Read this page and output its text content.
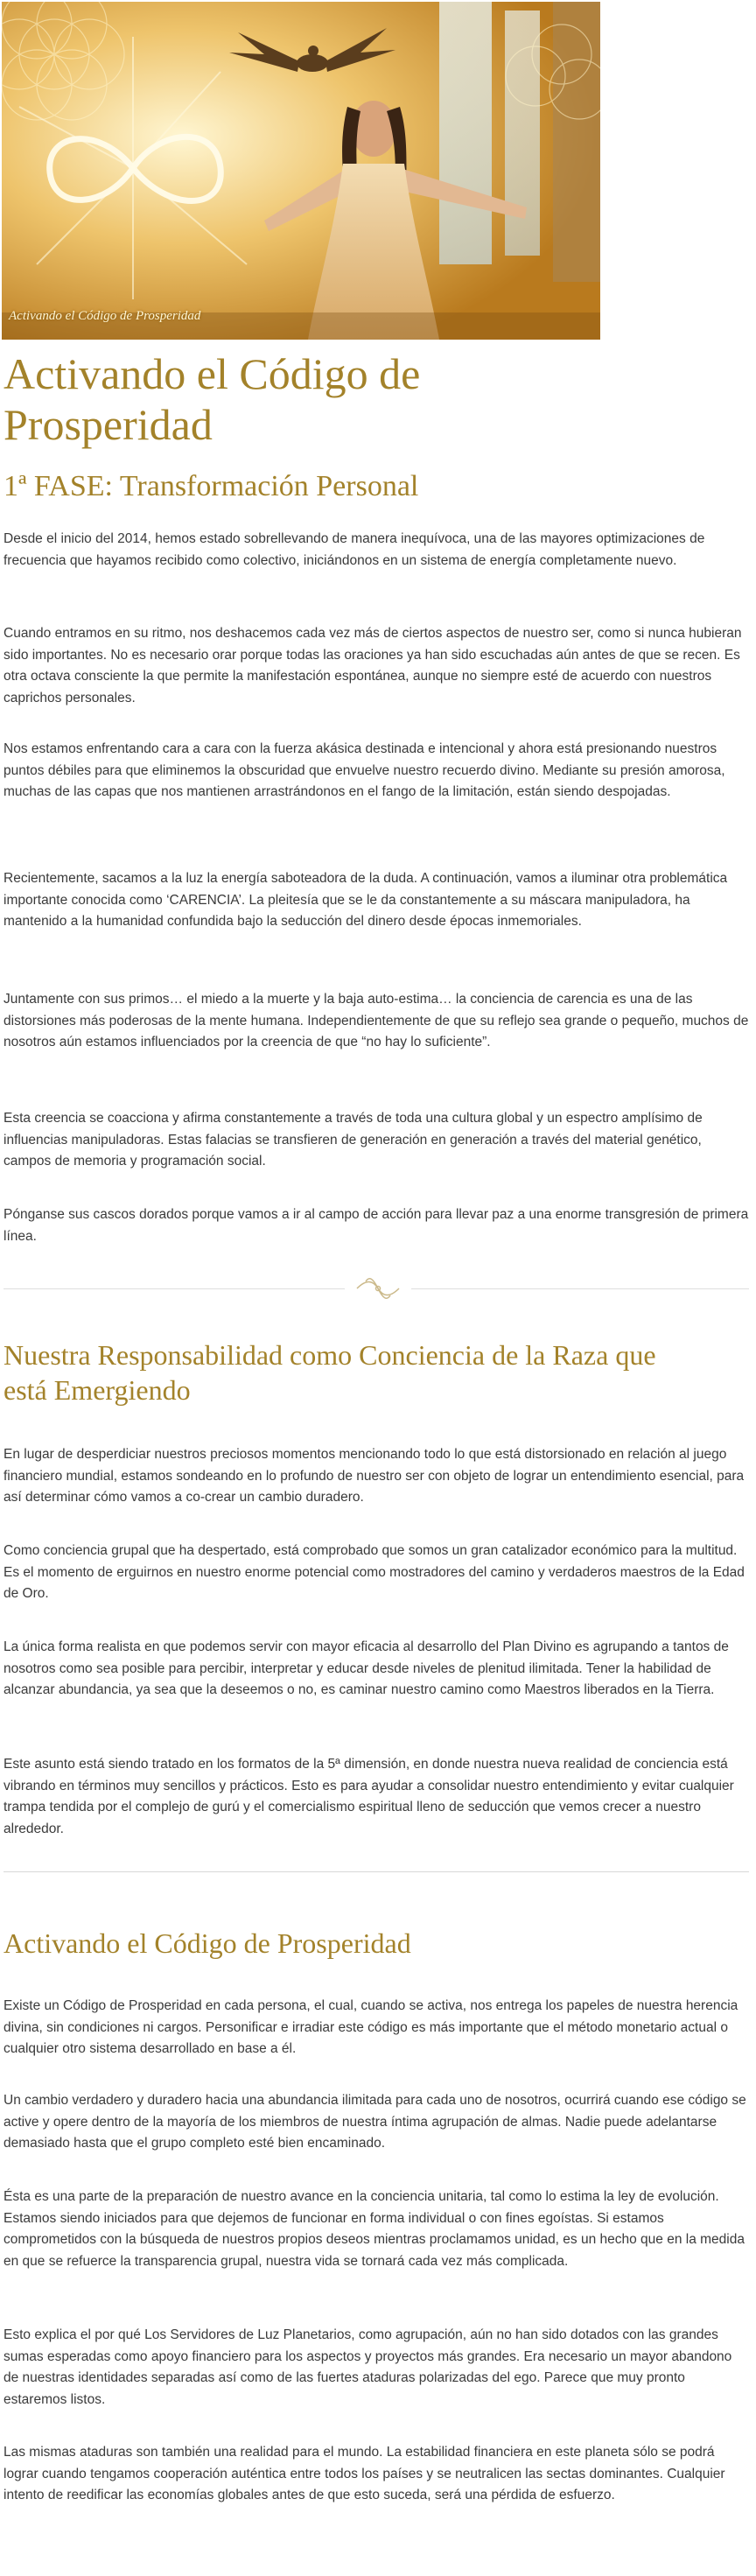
Activando el Código de Prosperidad
Activando el Código de Prosperidad
1ª FASE: Transformación Personal

Desde el inicio del 2014, hemos estado sobrellevando de manera inequívoca, una de las mayores optimizaciones de frecuencia que hayamos recibido como colectivo, iniciándonos en un sistema de energía completamente nuevo.

Cuando entramos en su ritmo, nos deshacemos cada vez más de ciertos aspectos de nuestro ser, como si nunca hubieran sido importantes. No es necesario orar porque todas las oraciones ya han sido escuchadas aún antes de que se recen. Es otra octava consciente la que permite la manifestación espontánea, aunque no siempre esté de acuerdo con nuestros caprichos personales.

Nos estamos enfrentando cara a cara con la fuerza akásica destinada e intencional y ahora está presionando nuestros puntos débiles para que eliminemos la obscuridad que envuelve nuestro recuerdo divino. Mediante su presión amorosa, muchas de las capas que nos mantienen arrastrándonos en el fango de la limitación, están siendo despojadas.

Recientemente, sacamos a la luz la energía saboteadora de la duda. A continuación, vamos a iluminar otra problemática importante conocida como ‘CARENCIA’. La pleitesía que se le da constantemente a su máscara manipuladora, ha mantenido a la humanidad confundida bajo la seducción del dinero desde épocas inmemoriales.

Juntamente con sus primos… el miedo a la muerte y la baja auto-estima… la conciencia de carencia es una de las distorsiones más poderosas de la mente humana. Independientemente de que su reflejo sea grande o pequeño, muchos de nosotros aún estamos influenciados por la creencia de que “no hay lo suficiente”.

Esta creencia se coacciona y afirma constantemente a través de toda una cultura global y un espectro amplísimo de influencias manipuladoras. Estas falacias se transfieren de generación en generación a través del material genético, campos de memoria y programación social.

Pónganse sus cascos dorados porque vamos a ir al campo de acción para llevar paz a una enorme transgresión de primera línea.

Nuestra Responsabilidad como Conciencia de la Raza que está Emergiendo

En lugar de desperdiciar nuestros preciosos momentos mencionando todo lo que está distorsionado en relación al juego financiero mundial, estamos sondeando en lo profundo de nuestro ser con objeto de lograr un entendimiento esencial, para así determinar cómo vamos a co-crear un cambio duradero.

Como conciencia grupal que ha despertado, está comprobado que somos un gran catalizador económico para la multitud. Es el momento de erguirnos en nuestro enorme potencial como mostradores del camino y verdaderos maestros de la Edad de Oro.

La única forma realista en que podemos servir con mayor eficacia al desarrollo del Plan Divino es agrupando a tantos de nosotros como sea posible para percibir, interpretar y educar desde niveles de plenitud ilimitada. Tener la habilidad de alcanzar abundancia, ya sea que la deseemos o no, es caminar nuestro camino como Maestros liberados en la Tierra.

Este asunto está siendo tratado en los formatos de la 5ª dimensión, en donde nuestra nueva realidad de conciencia está vibrando en términos muy sencillos y prácticos. Esto es para ayudar a consolidar nuestro entendimiento y evitar cualquier trampa tendida por el complejo de gurú y el comercialismo espiritual lleno de seducción que vemos crecer a nuestro alrededor.

Activando el Código de Prosperidad

Existe un Código de Prosperidad en cada persona, el cual, cuando se activa, nos entrega los papeles de nuestra herencia divina, sin condiciones ni cargos. Personificar e irradiar este código es más importante que el método monetario actual o cualquier otro sistema desarrollado en base a él.

Un cambio verdadero y duradero hacia una abundancia ilimitada para cada uno de nosotros, ocurrirá cuando ese código se active y opere dentro de la mayoría de los miembros de nuestra íntima agrupación de almas. Nadie puede adelantarse demasiado hasta que el grupo completo esté bien encaminado.

Ésta es una parte de la preparación de nuestro avance en la conciencia unitaria, tal como lo estima la ley de evolución. Estamos siendo iniciados para que dejemos de funcionar en forma individual o con fines egoístas. Si estamos comprometidos con la búsqueda de nuestros propios deseos mientras proclamamos unidad, es un hecho que en la medida en que se refuerce la transparencia grupal, nuestra vida se tornará cada vez más complicada.

Esto explica el por qué Los Servidores de Luz Planetarios, como agrupación, aún no han sido dotados con las grandes sumas esperadas como apoyo financiero para los aspectos y proyectos más grandes. Era necesario un mayor abandono de nuestras identidades separadas así como de las fuertes ataduras polarizadas del ego. Parece que muy pronto estaremos listos.

Las mismas ataduras son también una realidad para el mundo. La estabilidad financiera en este planeta sólo se podrá lograr cuando tengamos cooperación auténtica entre todos los países y se neutralicen las sectas dominantes. Cualquier intento de reedificar las economías globales antes de que esto suceda, será una pérdida de esfuerzo.
